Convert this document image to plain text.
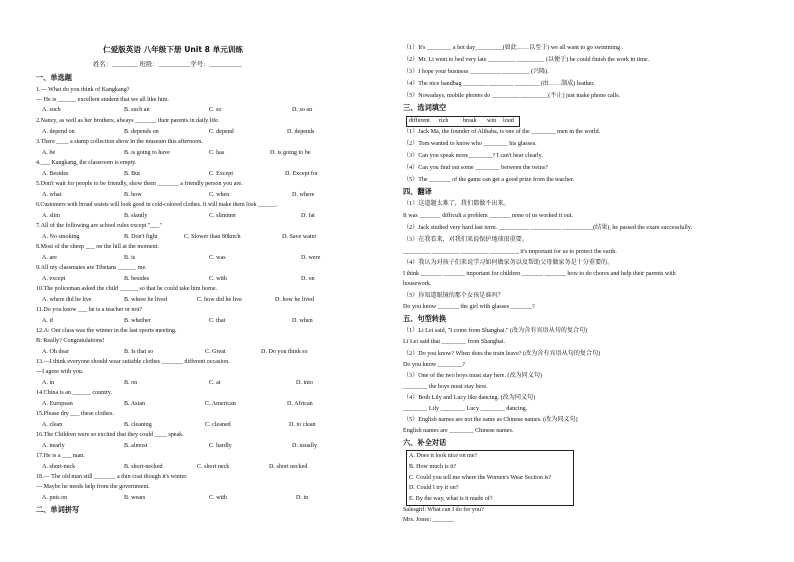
仁爱版英语 八年级下册 Unit 8 单元训练
姓名：________ 班级：__________学号：__________
一、单选题
1.— What do you think of Kangkang?
— He is ______ excellent student that we all like him.
A. such	B. such an	C. so	D. so an
2.Nancy, as well as her brothers, always _______ their parents in daily life.
A. depend on	B. depends on	C. depend	D. depends
3.There ____ a stamp collection show in the museum this afternoon.
A. be	B. is going to have	C. has	D. is going to be
4.___ Kangkang, the classroom is empty.
A. Besides	B. But	C. Except	D. Except for
5.Don't wait for people to be friendly, show them _______ a friendly person you are.
A. what	B. how	C. when	D. where
6.Customers with broad waists will look good in cold-colored clothes. It will make them look ______.
A. slim	B. slantly	C. slimmer	D. fat
7.All of the following are school rules except "___"
A. No smoking	B. Don't fight	C. Slower than 80km/h	D. Save water
8.Most of the sheep ___ on the hill at the moment.
A. are	B. is	C. was	D. were
9.All my classmates are Tibetans ______ me.
A. except	B. besides	C. with	D. on
10.The policeman asked the child ______ so that he could take him home.
A. where did he live	B. where he lived	C. how did he live	D. how he lived
11.Do you know ___ he is a teacher or not?
A. if	B. whether	C. that	D. when
12.A: Our class was the winner in the last sports meeting.
B: Really? Congratulations!
A. Oh dear	B. Is that so	C. Great	D. Do you think so
13.—I think everyone should wear suitable clothes _______ different occasion.
—I agree with you.
A. in	B. on	C. at	D. into
14.China is an ______ country.
A. European	B. Asian	C. American	D. African
15.Please dry ___ these clothes.
A. clean	B. cleaning	C. cleaned	D. to clean
16.The Children were so excited that they could ____ speak.
A. nearly	B. almost	C. hardly	D. usually
17.He is a ___ man.
A. short-neck	B. short-necked	C. short neck	D. short necked
18.— The old man still _______ a thin coat though it's winter.
— Maybe he needs help from the government.
A. puts on	B. wears	C. with	D. in
二、单词拼写
（1）It's ________ a hot day_________(如此……以至于) we all want to go swimming .
（2）Mr. Li went to bed very late _________ _________ (以便于) he could finish the work in time.
（3）I hope your business __________ _________ (兴隆).
（4）The nice handbag ________ ________ ________ (由……制成) leather.
（5）Nowadays, mobile phones do _________ _________(不止) just make phone calls.
三、选词填空
different rich break win loud
（1）Jack Ma, the founder of Alibaba, is one of the ________ men in the world.
（2）Tom wanted to know who ________ his glasses.
（3）Can you speak more________? I can't hear clearly.
（4）Can you find out some ________ between the twins?
（5）The _______ of the game can get a good prize from the teacher.
四、翻译
（1）这道题太难了，我们都做不出来。
It was _______ difficult a problem _______ none of us worked it out.
（2）Jack studied very hard last term. __________ __________ __________(结果), he passed the exam successfully.
（3）在我看来，对我们来说保护地球很重要。
_________ _________ _________ _________, it's important for us to protect the earth.
（4）我认为对孩子们来说学习如何做家务以及帮助父母做家务是十分重要的。
I think _______ _______ important for children _______ _______ how to do chores and help their parents with
housework.
（5）你知道眼镜的那个女孩是谁吗？
Do you know _______ the girl with glasses _______?
五、句型转换
（1）Li Lei said, "I come from Shanghai." (改为含有宾语从句的复合句)
Li Lei said that ________ from Shanghai.
（2）Do you know? When does the train leave? (改为含有宾语从句的复合句)
Do you know ________?
（3）One of the two boys must stay here. (改为同义句)
________ the boys must stay here.
（4）Both Lily and Lucy like dancing. (改为同义句)
________ Lily ________ Lucy ________ dancing.
（5）English names are not the same as Chinese names. (改为同义句)
English names are ________ Chinese names.
六、补全对话
A. Does it look nice on me?
B. How much is it?
C. Could you tell me where the Women's Wear Section is?
D. Could I try it on?
E. By the way, what is it made of?
Salesgirl: What can I do for you?
Mrs. Jones: _______
